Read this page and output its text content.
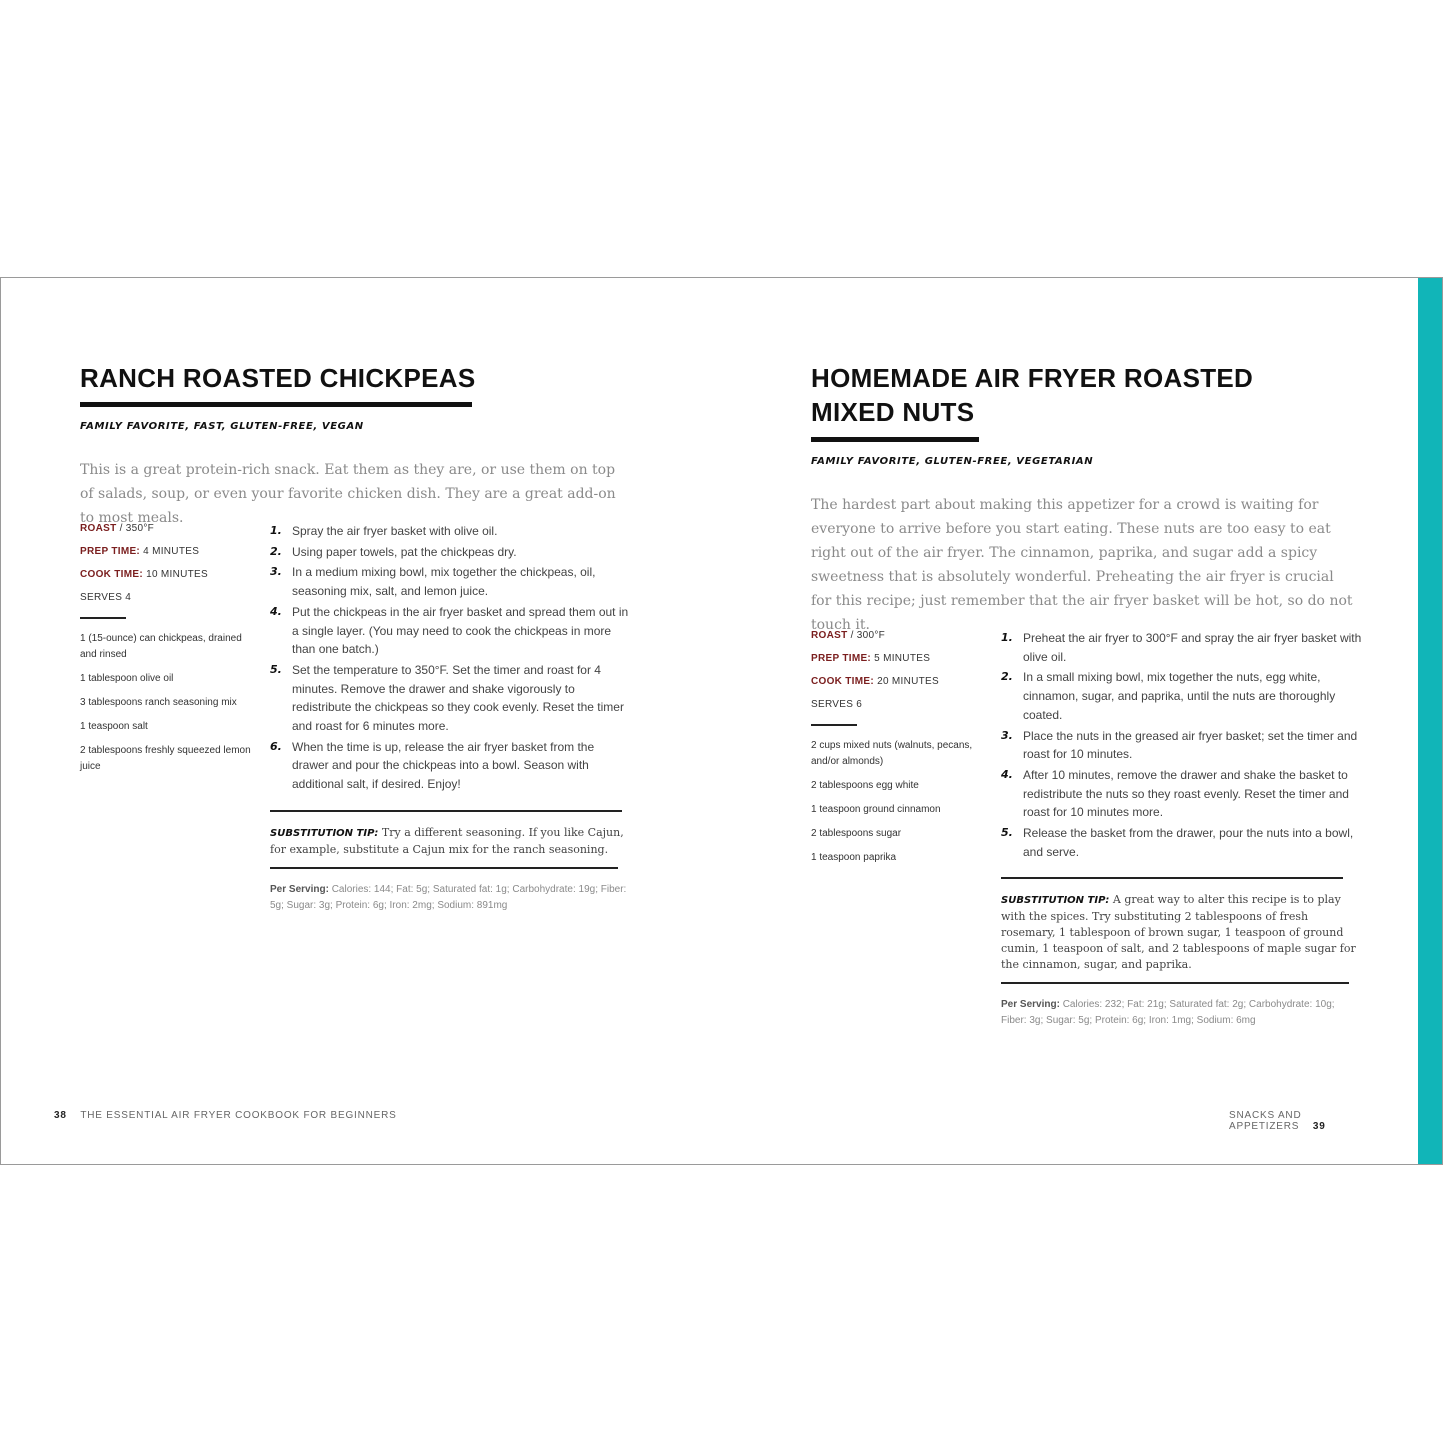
RANCH ROASTED CHICKPEAS
FAMILY FAVORITE, FAST, GLUTEN-FREE, VEGAN
This is a great protein-rich snack. Eat them as they are, or use them on top of salads, soup, or even your favorite chicken dish. They are a great add-on to most meals.
ROAST / 350°F
PREP TIME: 4 MINUTES
COOK TIME: 10 MINUTES
SERVES 4
1 (15-ounce) can chickpeas, drained and rinsed
1 tablespoon olive oil
3 tablespoons ranch seasoning mix
1 teaspoon salt
2 tablespoons freshly squeezed lemon juice
1. Spray the air fryer basket with olive oil.
2. Using paper towels, pat the chickpeas dry.
3. In a medium mixing bowl, mix together the chickpeas, oil, seasoning mix, salt, and lemon juice.
4. Put the chickpeas in the air fryer basket and spread them out in a single layer. (You may need to cook the chickpeas in more than one batch.)
5. Set the temperature to 350°F. Set the timer and roast for 4 minutes. Remove the drawer and shake vigorously to redistribute the chickpeas so they cook evenly. Reset the timer and roast for 6 minutes more.
6. When the time is up, release the air fryer basket from the drawer and pour the chickpeas into a bowl. Season with additional salt, if desired. Enjoy!
SUBSTITUTION TIP: Try a different seasoning. If you like Cajun, for example, substitute a Cajun mix for the ranch seasoning.
Per Serving: Calories: 144; Fat: 5g; Saturated fat: 1g; Carbohydrate: 19g; Fiber: 5g; Sugar: 3g; Protein: 6g; Iron: 2mg; Sodium: 891mg
38 THE ESSENTIAL AIR FRYER COOKBOOK FOR BEGINNERS
HOMEMADE AIR FRYER ROASTED
MIXED NUTS
FAMILY FAVORITE, GLUTEN-FREE, VEGETARIAN
The hardest part about making this appetizer for a crowd is waiting for everyone to arrive before you start eating. These nuts are too easy to eat right out of the air fryer. The cinnamon, paprika, and sugar add a spicy sweetness that is absolutely wonderful. Preheating the air fryer is crucial for this recipe; just remember that the air fryer basket will be hot, so do not touch it.
ROAST / 300°F
PREP TIME: 5 MINUTES
COOK TIME: 20 MINUTES
SERVES 6
2 cups mixed nuts (walnuts, pecans, and/or almonds)
2 tablespoons egg white
1 teaspoon ground cinnamon
2 tablespoons sugar
1 teaspoon paprika
1. Preheat the air fryer to 300°F and spray the air fryer basket with olive oil.
2. In a small mixing bowl, mix together the nuts, egg white, cinnamon, sugar, and paprika, until the nuts are thoroughly coated.
3. Place the nuts in the greased air fryer basket; set the timer and roast for 10 minutes.
4. After 10 minutes, remove the drawer and shake the basket to redistribute the nuts so they roast evenly. Reset the timer and roast for 10 minutes more.
5. Release the basket from the drawer, pour the nuts into a bowl, and serve.
SUBSTITUTION TIP: A great way to alter this recipe is to play with the spices. Try substituting 2 tablespoons of fresh rosemary, 1 tablespoon of brown sugar, 1 teaspoon of ground cumin, 1 teaspoon of salt, and 2 tablespoons of maple sugar for the cinnamon, sugar, and paprika.
Per Serving: Calories: 232; Fat: 21g; Saturated fat: 2g; Carbohydrate: 10g; Fiber: 3g; Sugar: 5g; Protein: 6g; Iron: 1mg; Sodium: 6mg
SNACKS AND APPETIZERS 39
